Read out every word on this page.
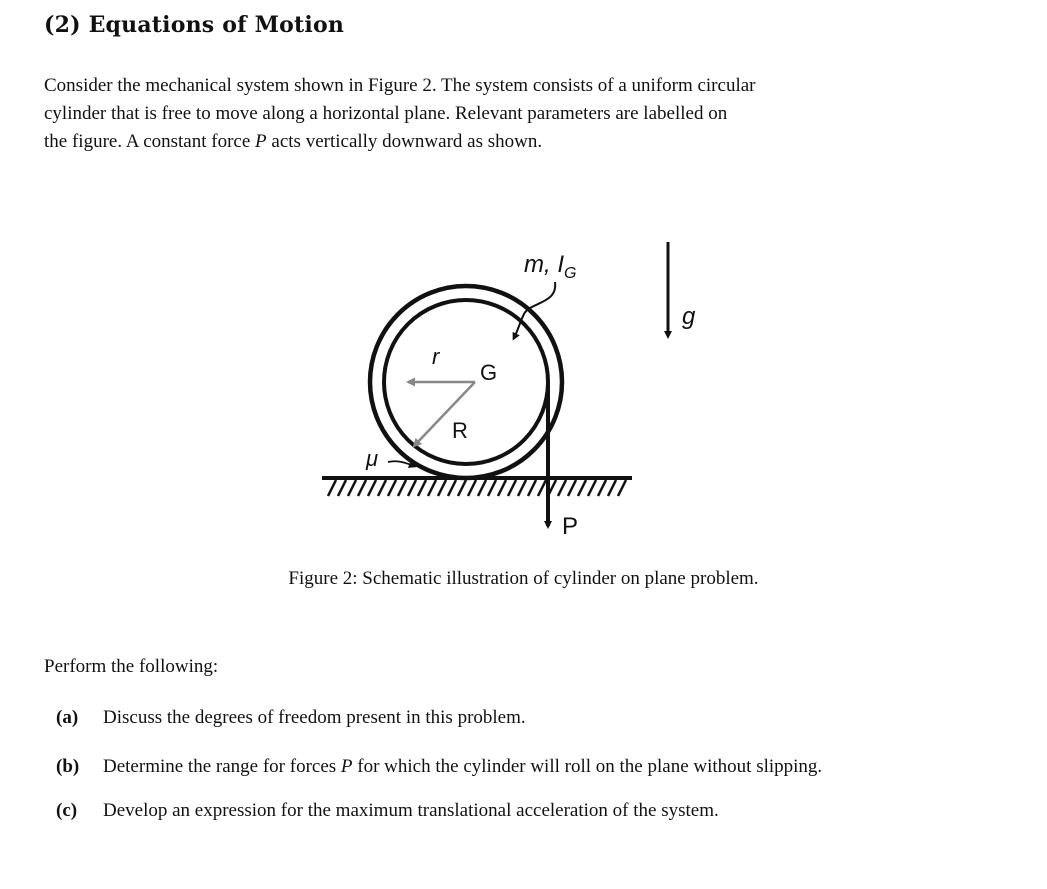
(2) Equations of Motion
Consider the mechanical system shown in Figure 2. The system consists of a uniform circular
cylinder that is free to move along a horizontal plane. Relevant parameters are labelled on
the figure. A constant force P acts vertically downward as shown.
m, $I_G$
g
r
G
R
μ
P
Figure 2: Schematic illustration of cylinder on plane problem.
Perform the following:
(a) Discuss the degrees of freedom present in this problem.
(b) Determine the range for forces P for which the cylinder will roll on the plane without slipping.
(c) Develop an expression for the maximum translational acceleration of the system.
